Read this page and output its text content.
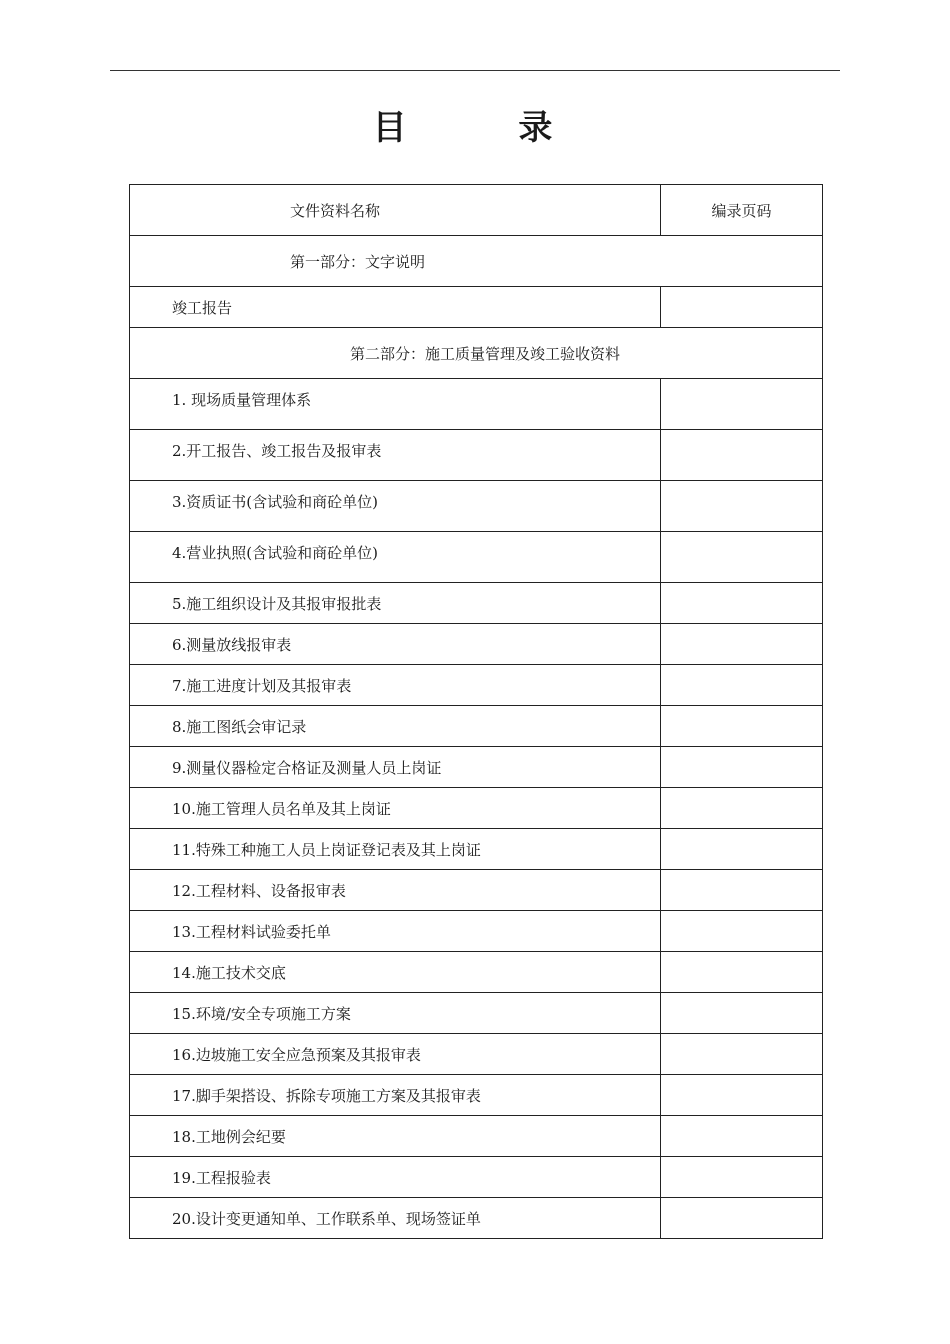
目 录
文件资料名称	编录页码
第一部分：文字说明	
竣工报告	
第二部分：施工质量管理及竣工验收资料	
1. 现场质量管理体系	
2.开工报告、竣工报告及报审表	
3.资质证书(含试验和商砼单位)	
4.营业执照(含试验和商砼单位)	
5.施工组织设计及其报审报批表	
6.测量放线报审表	
7.施工进度计划及其报审表	
8.施工图纸会审记录	
9.测量仪器检定合格证及测量人员上岗证	
10.施工管理人员名单及其上岗证	
11.特殊工种施工人员上岗证登记表及其上岗证	
12.工程材料、设备报审表	
13.工程材料试验委托单	
14.施工技术交底	
15.环境/安全专项施工方案	
16.边坡施工安全应急预案及其报审表	
17.脚手架搭设、拆除专项施工方案及其报审表	
18.工地例会纪要	
19.工程报验表	
20.设计变更通知单、工作联系单、现场签证单	
